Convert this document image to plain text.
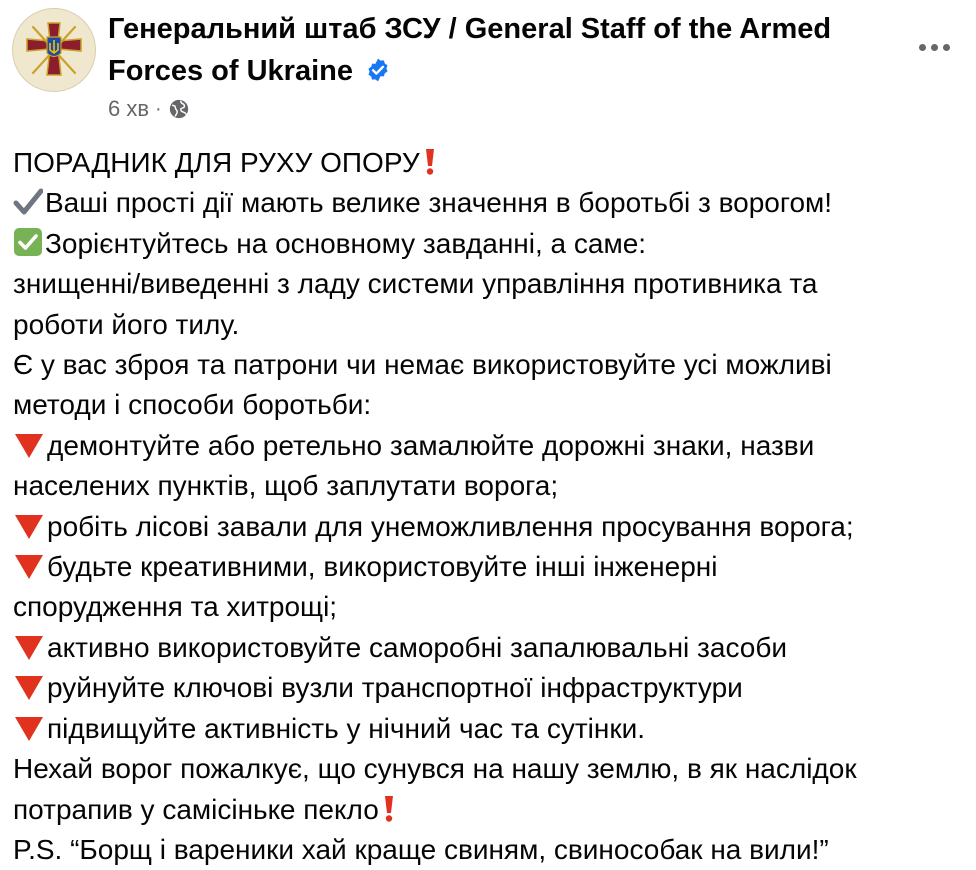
Генеральний штаб ЗСУ / General Staff of the Armed
Forces of Ukraine
6 хв ·
ПОРАДНИК ДЛЯ РУХУ ОПОРУ
Ваші прості дії мають велике значення в боротьбі з ворогом!
Зорієнтуйтесь на основному завданні, а саме:
знищенні/виведенні з ладу системи управління противника та
роботи його тилу.
Є у вас зброя та патрони чи немає використовуйте усі можливі
методи і способи боротьби:
демонтуйте або ретельно замалюйте дорожні знаки, назви
населених пунктів, щоб заплутати ворога;
робіть лісові завали для унеможливлення просування ворога;
будьте креативними, використовуйте інші інженерні
спорудження та хитрощі;
активно використовуйте саморобні запалювальні засоби
руйнуйте ключові вузли транспортної інфраструктури
підвищуйте активність у нічний час та сутінки.
Нехай ворог пожалкує, що сунувся на нашу землю, в як наслідок
потрапив у самісінькe пекло
P.S. “Борщ і вареники хай краще свиням, свинособак на вили!”
